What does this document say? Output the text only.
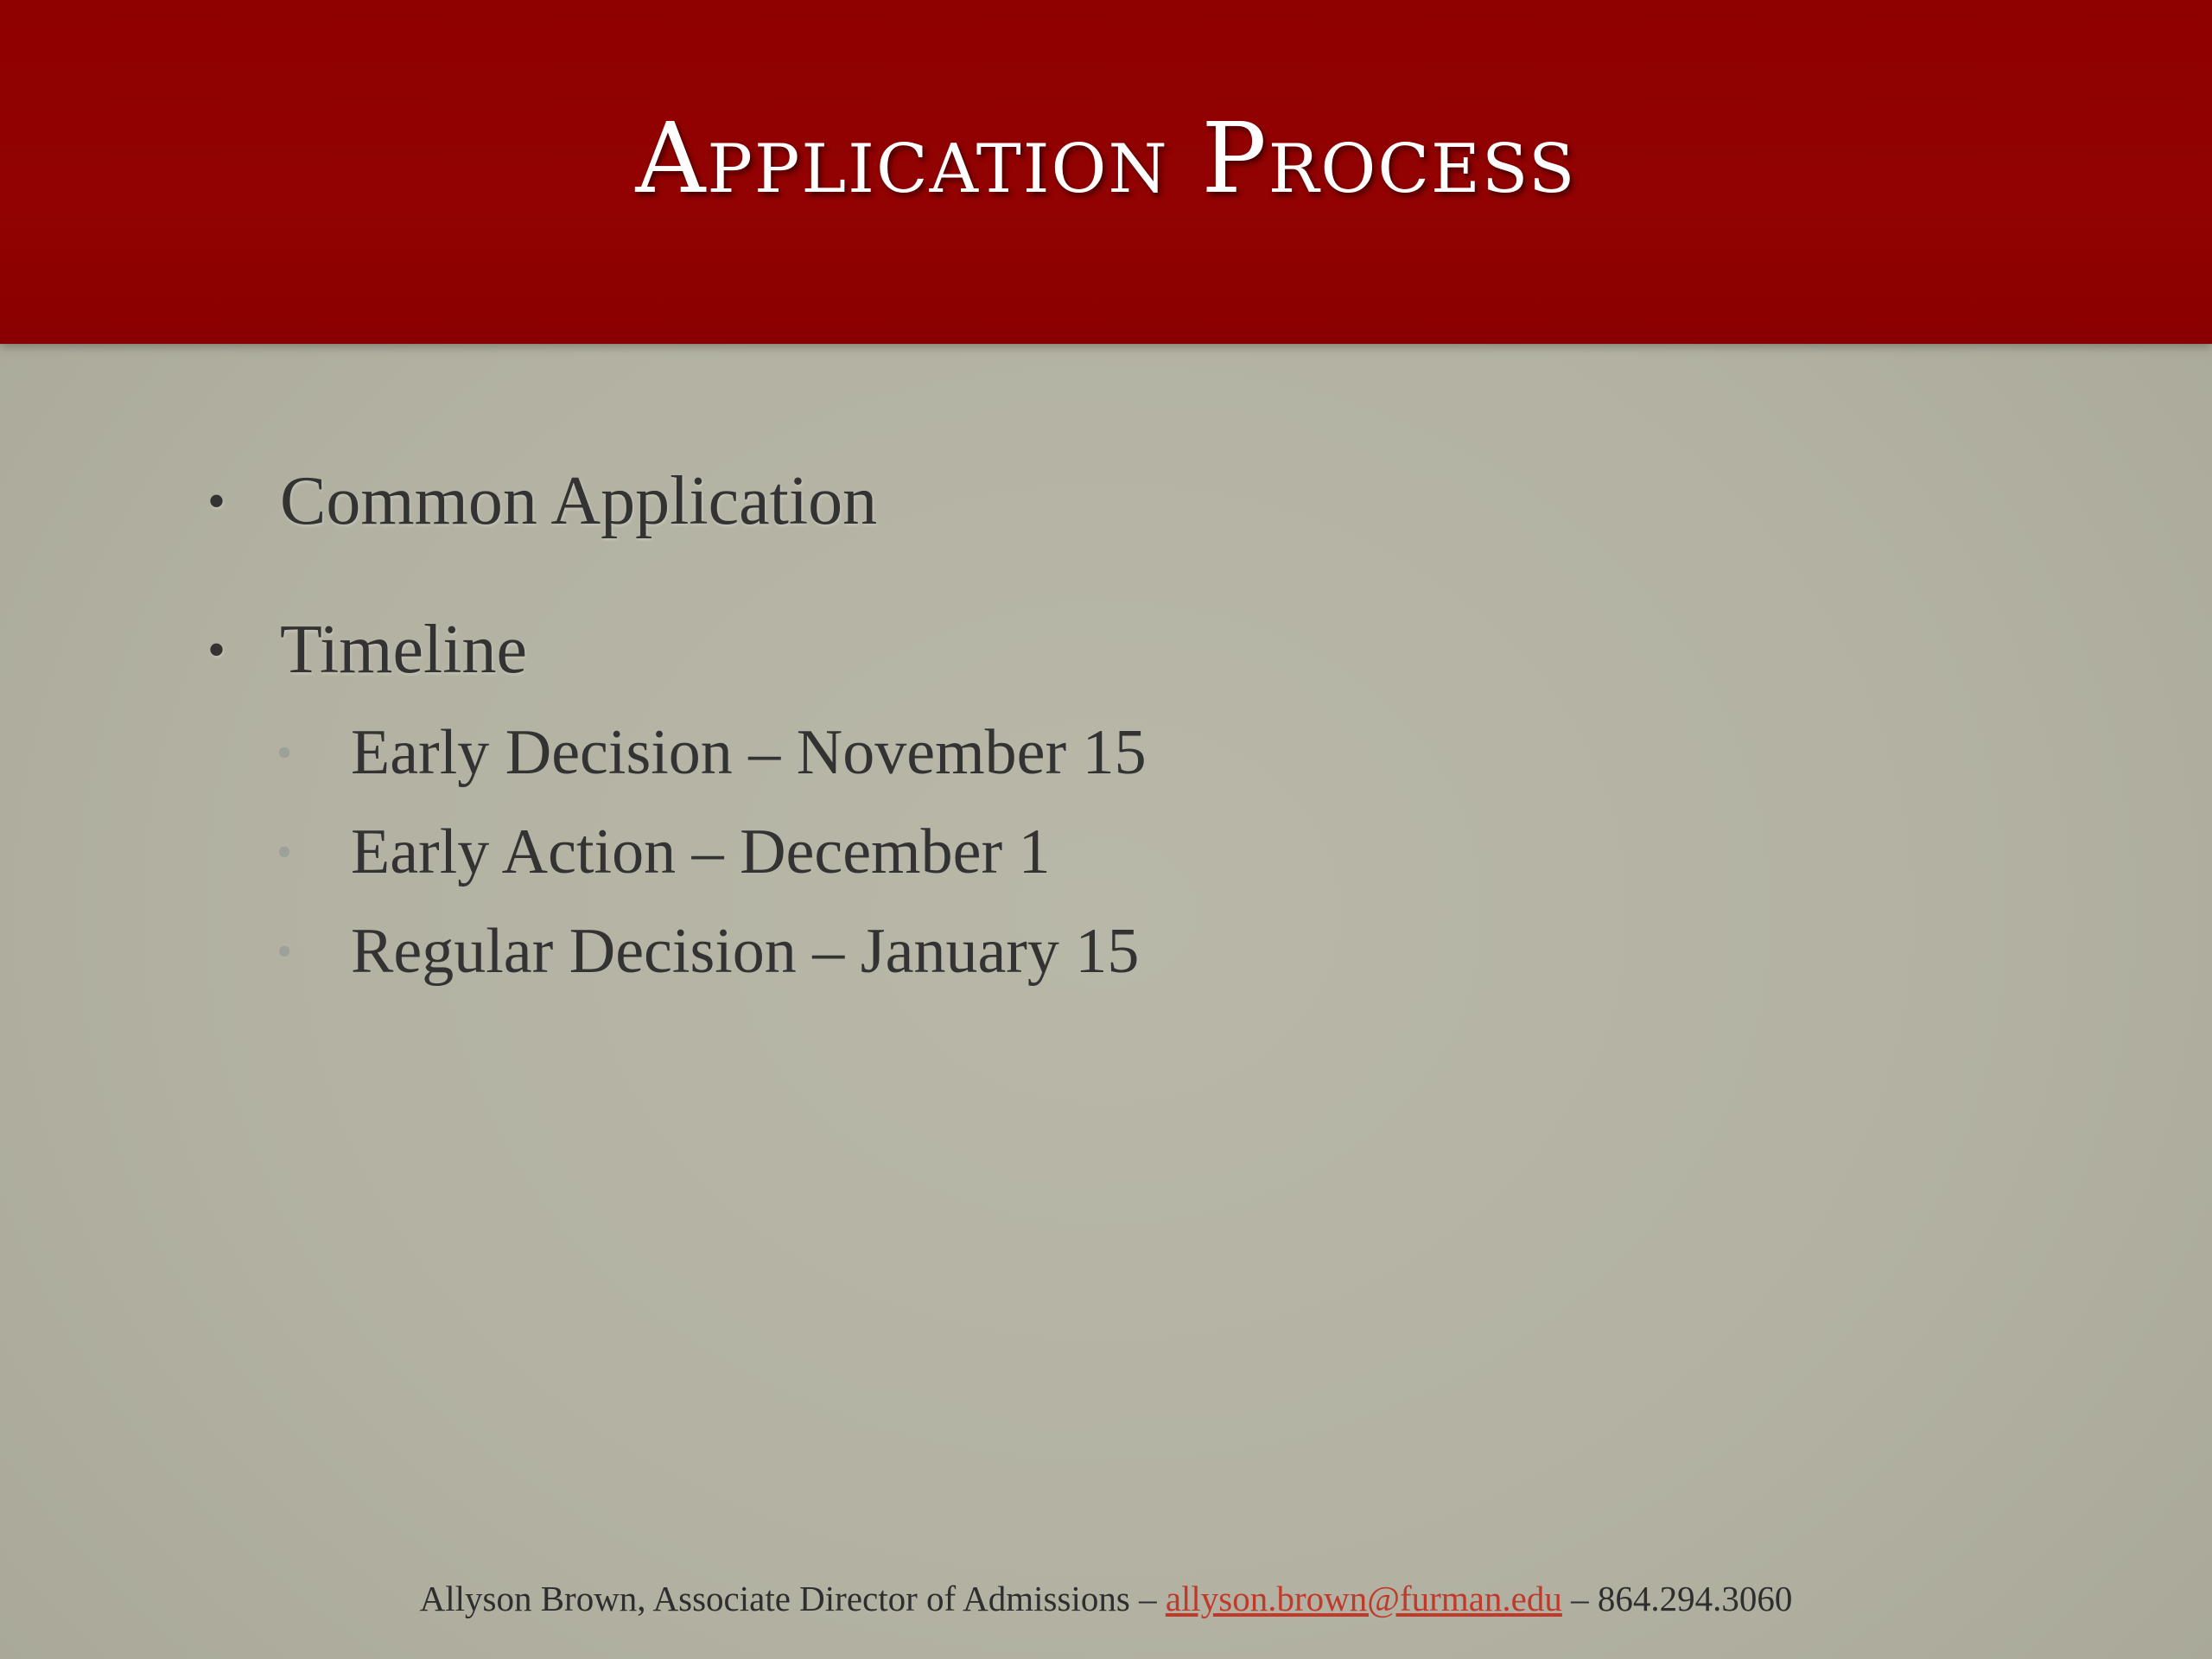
Application Process
• Common Application
• Timeline
• Early Decision – November 15
• Early Action – December 1
• Regular Decision – January 15
Allyson Brown, Associate Director of Admissions – allyson.brown@furman.edu – 864.294.3060
